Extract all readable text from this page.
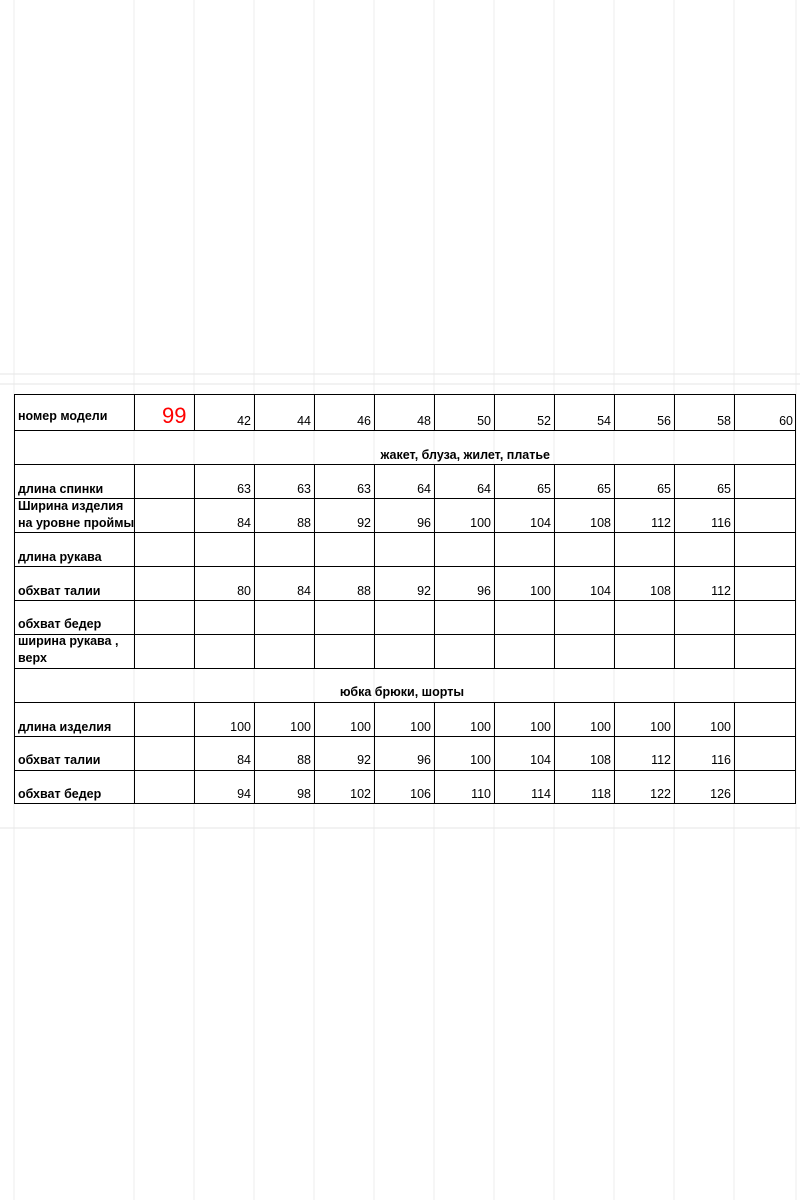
номер модели 99	42	44	46	48	50	52	54	56	58	60
жакет, блуза, жилет, платье
длина спинки	63	63	63	64	64	65	65	65	65
Ширина изделия
на уровне проймы	84	88	92	96	100	104	108	112	116
длина рукава
обхват талии	80	84	88	92	96	100	104	108	112
обхват бедер
ширина рукава ,
верх
юбка брюки, шорты
длина изделия	100	100	100	100	100	100	100	100	100
обхват талии	84	88	92	96	100	104	108	112	116
обхват бедер	94	98	102	106	110	114	118	122	126
